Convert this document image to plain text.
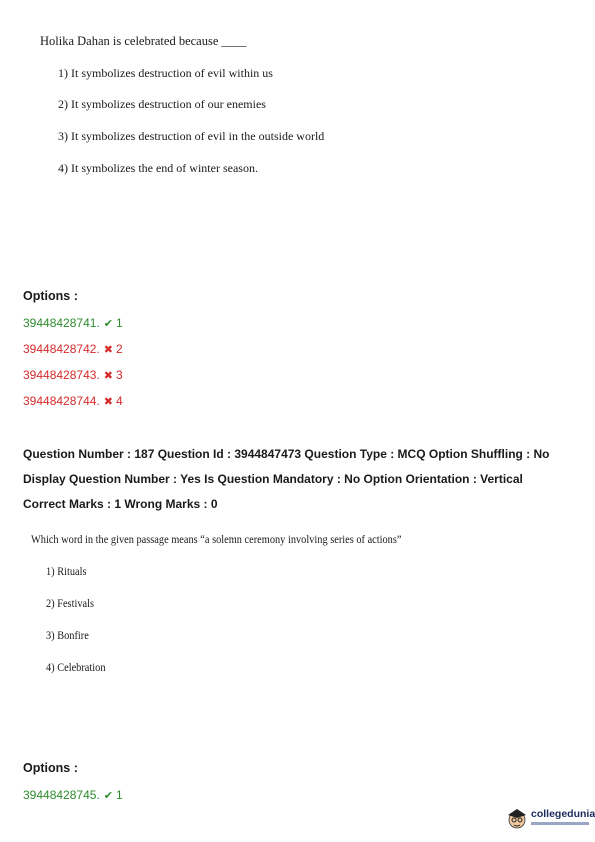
Holika Dahan is celebrated because ____
1) It symbolizes destruction of evil within us
2) It symbolizes destruction of our enemies
3) It symbolizes destruction of evil in the outside world
4) It symbolizes the end of winter season.
Options :
39448428741. ✔ 1
39448428742. ✖ 2
39448428743. ✖ 3
39448428744. ✖ 4
Question Number : 187 Question Id : 3944847473 Question Type : MCQ Option Shuffling : No
Display Question Number : Yes Is Question Mandatory : No Option Orientation : Vertical
Correct Marks : 1 Wrong Marks : 0
Which word in the given passage means “a solemn ceremony involving series of actions”
1) Rituals
2) Festivals
3) Bonfire
4) Celebration
Options :
39448428745. ✔ 1
collegedunia
